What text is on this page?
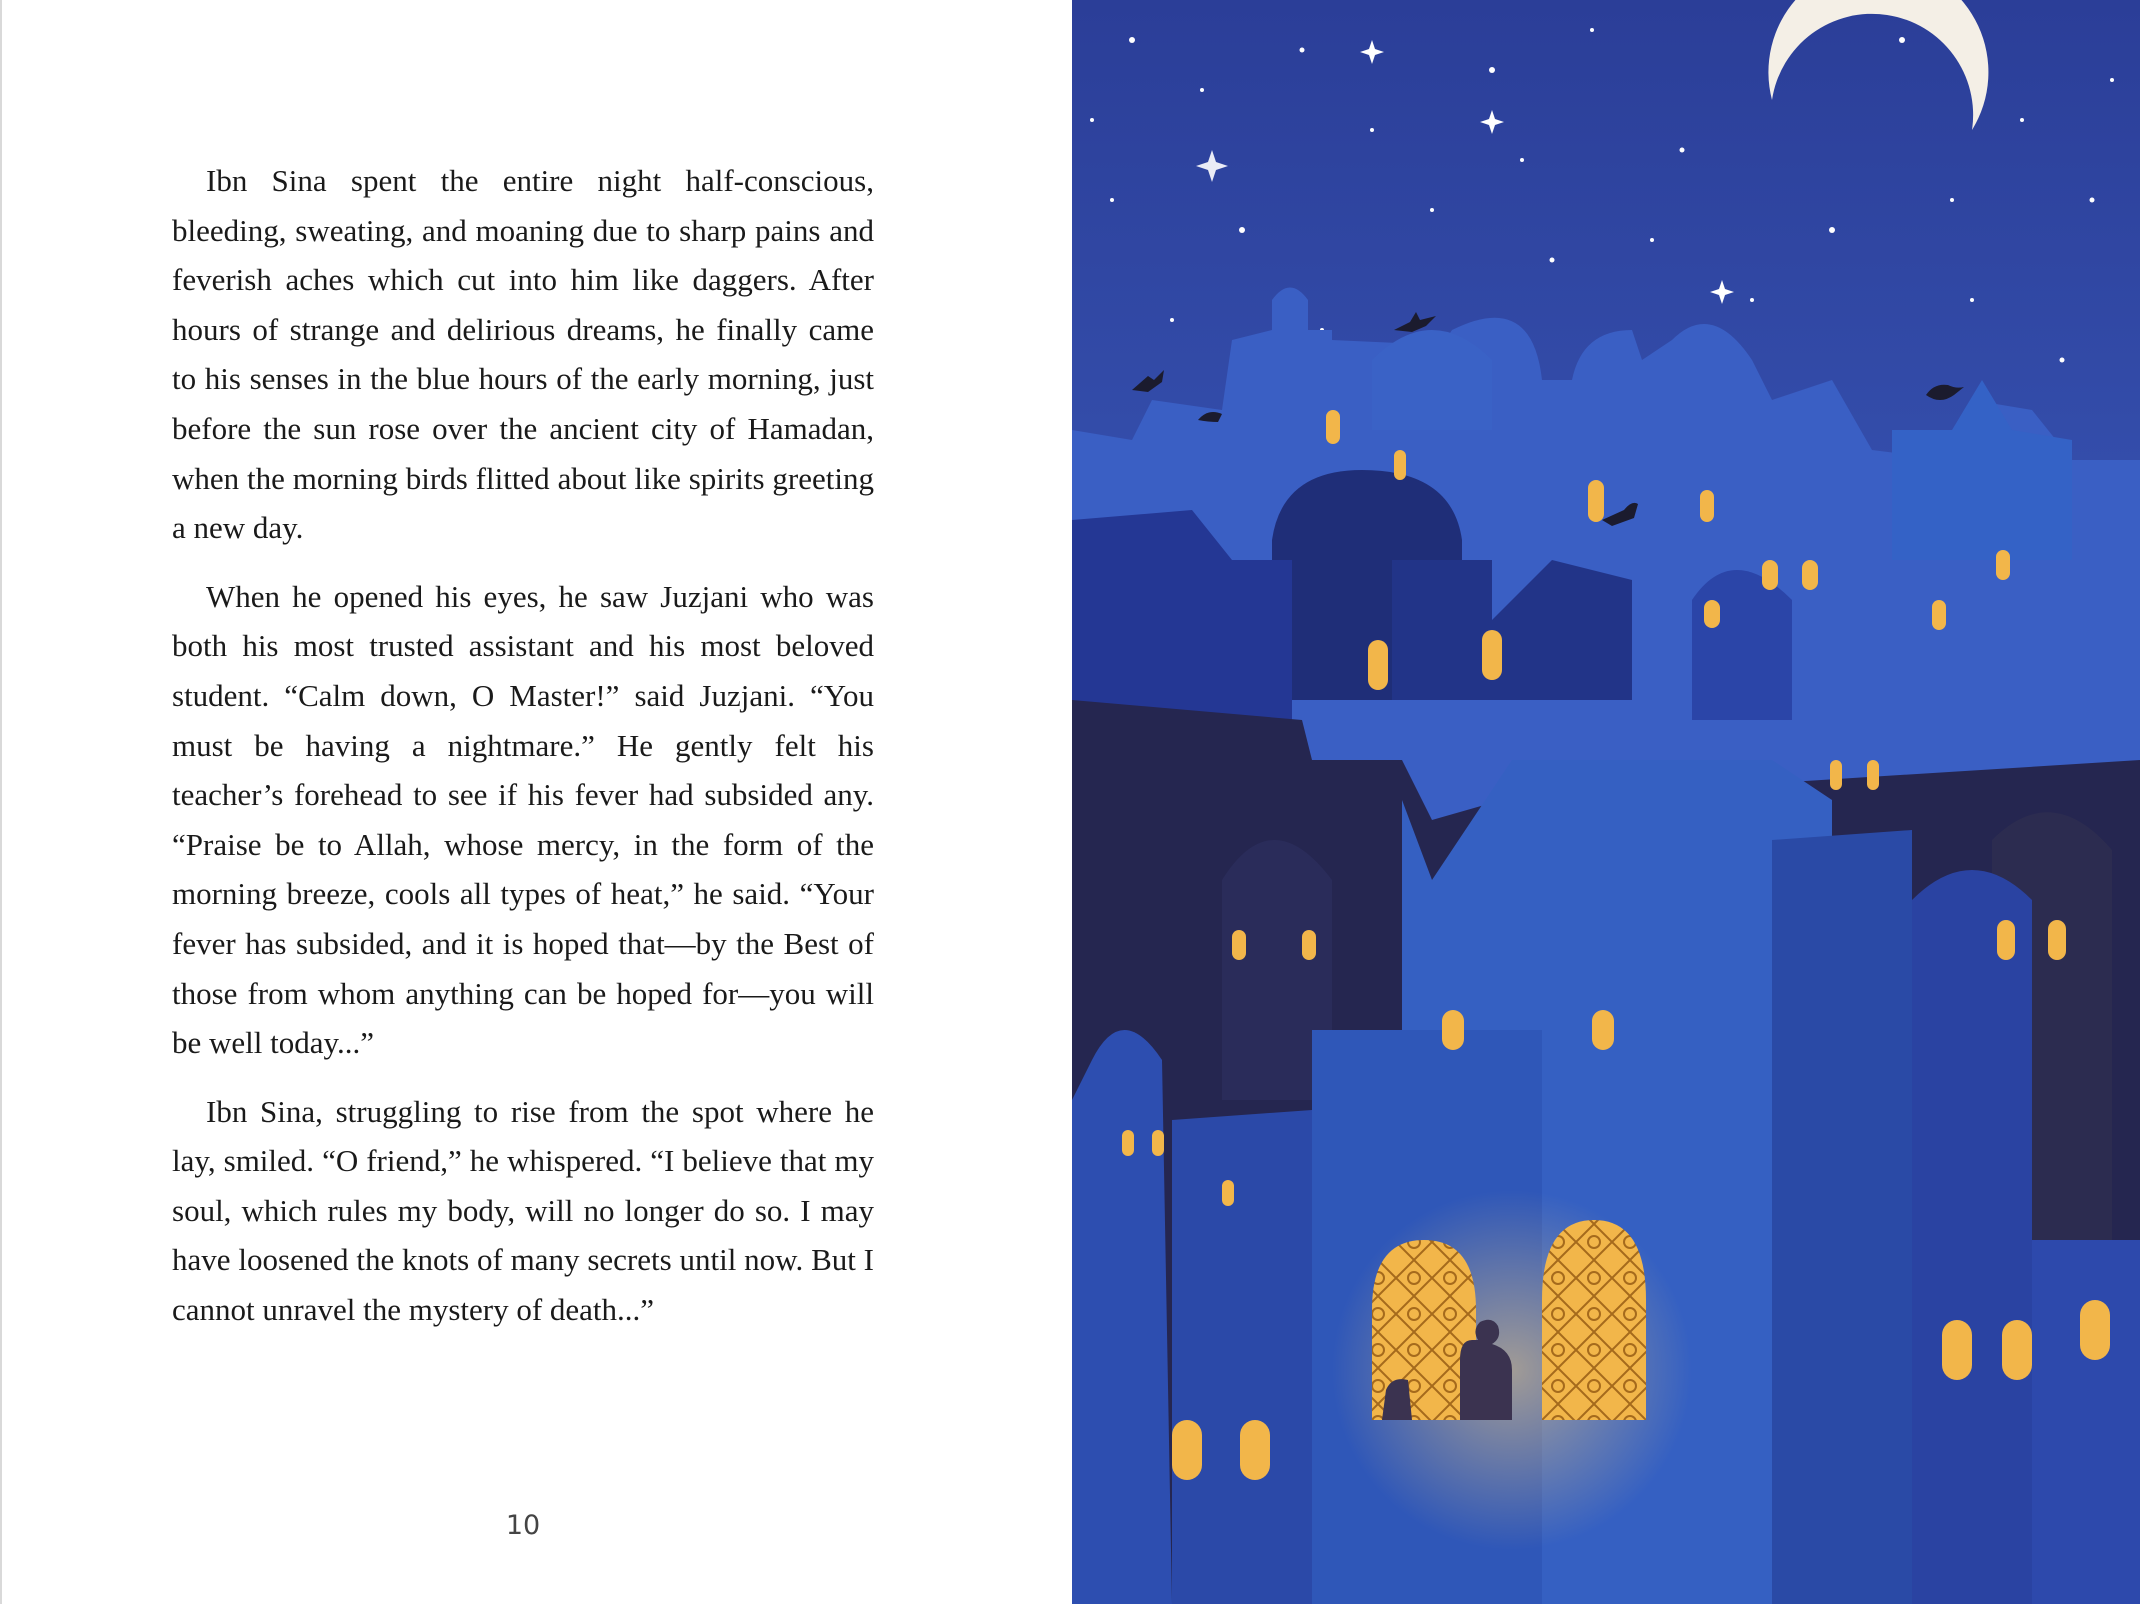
Ibn Sina spent the entire night half-conscious, bleeding, sweating, and moaning due to sharp pains and feverish aches which cut into him like daggers. After hours of strange and delirious dreams, he finally came to his senses in the blue hours of the early morning, just before the sun rose over the ancient city of Hamadan, when the morning birds flitted about like spirits greeting a new day.

When he opened his eyes, he saw Juzjani who was both his most trusted assistant and his most beloved student. “Calm down, O Master!” said Juzjani. “You must be having a nightmare.” He gently felt his teacher’s forehead to see if his fever had subsided any. “Praise be to Allah, whose mercy, in the form of the morning breeze, cools all types of heat,” he said. “Your fever has subsided, and it is hoped that—by the Best of those from whom anything can be hoped for—you will be well today...”

Ibn Sina, struggling to rise from the spot where he lay, smiled. “O friend,” he whispered. “I believe that my soul, which rules my body, will no longer do so. I may have loosened the knots of many secrets until now. But I cannot unravel the mystery of death...”

10
